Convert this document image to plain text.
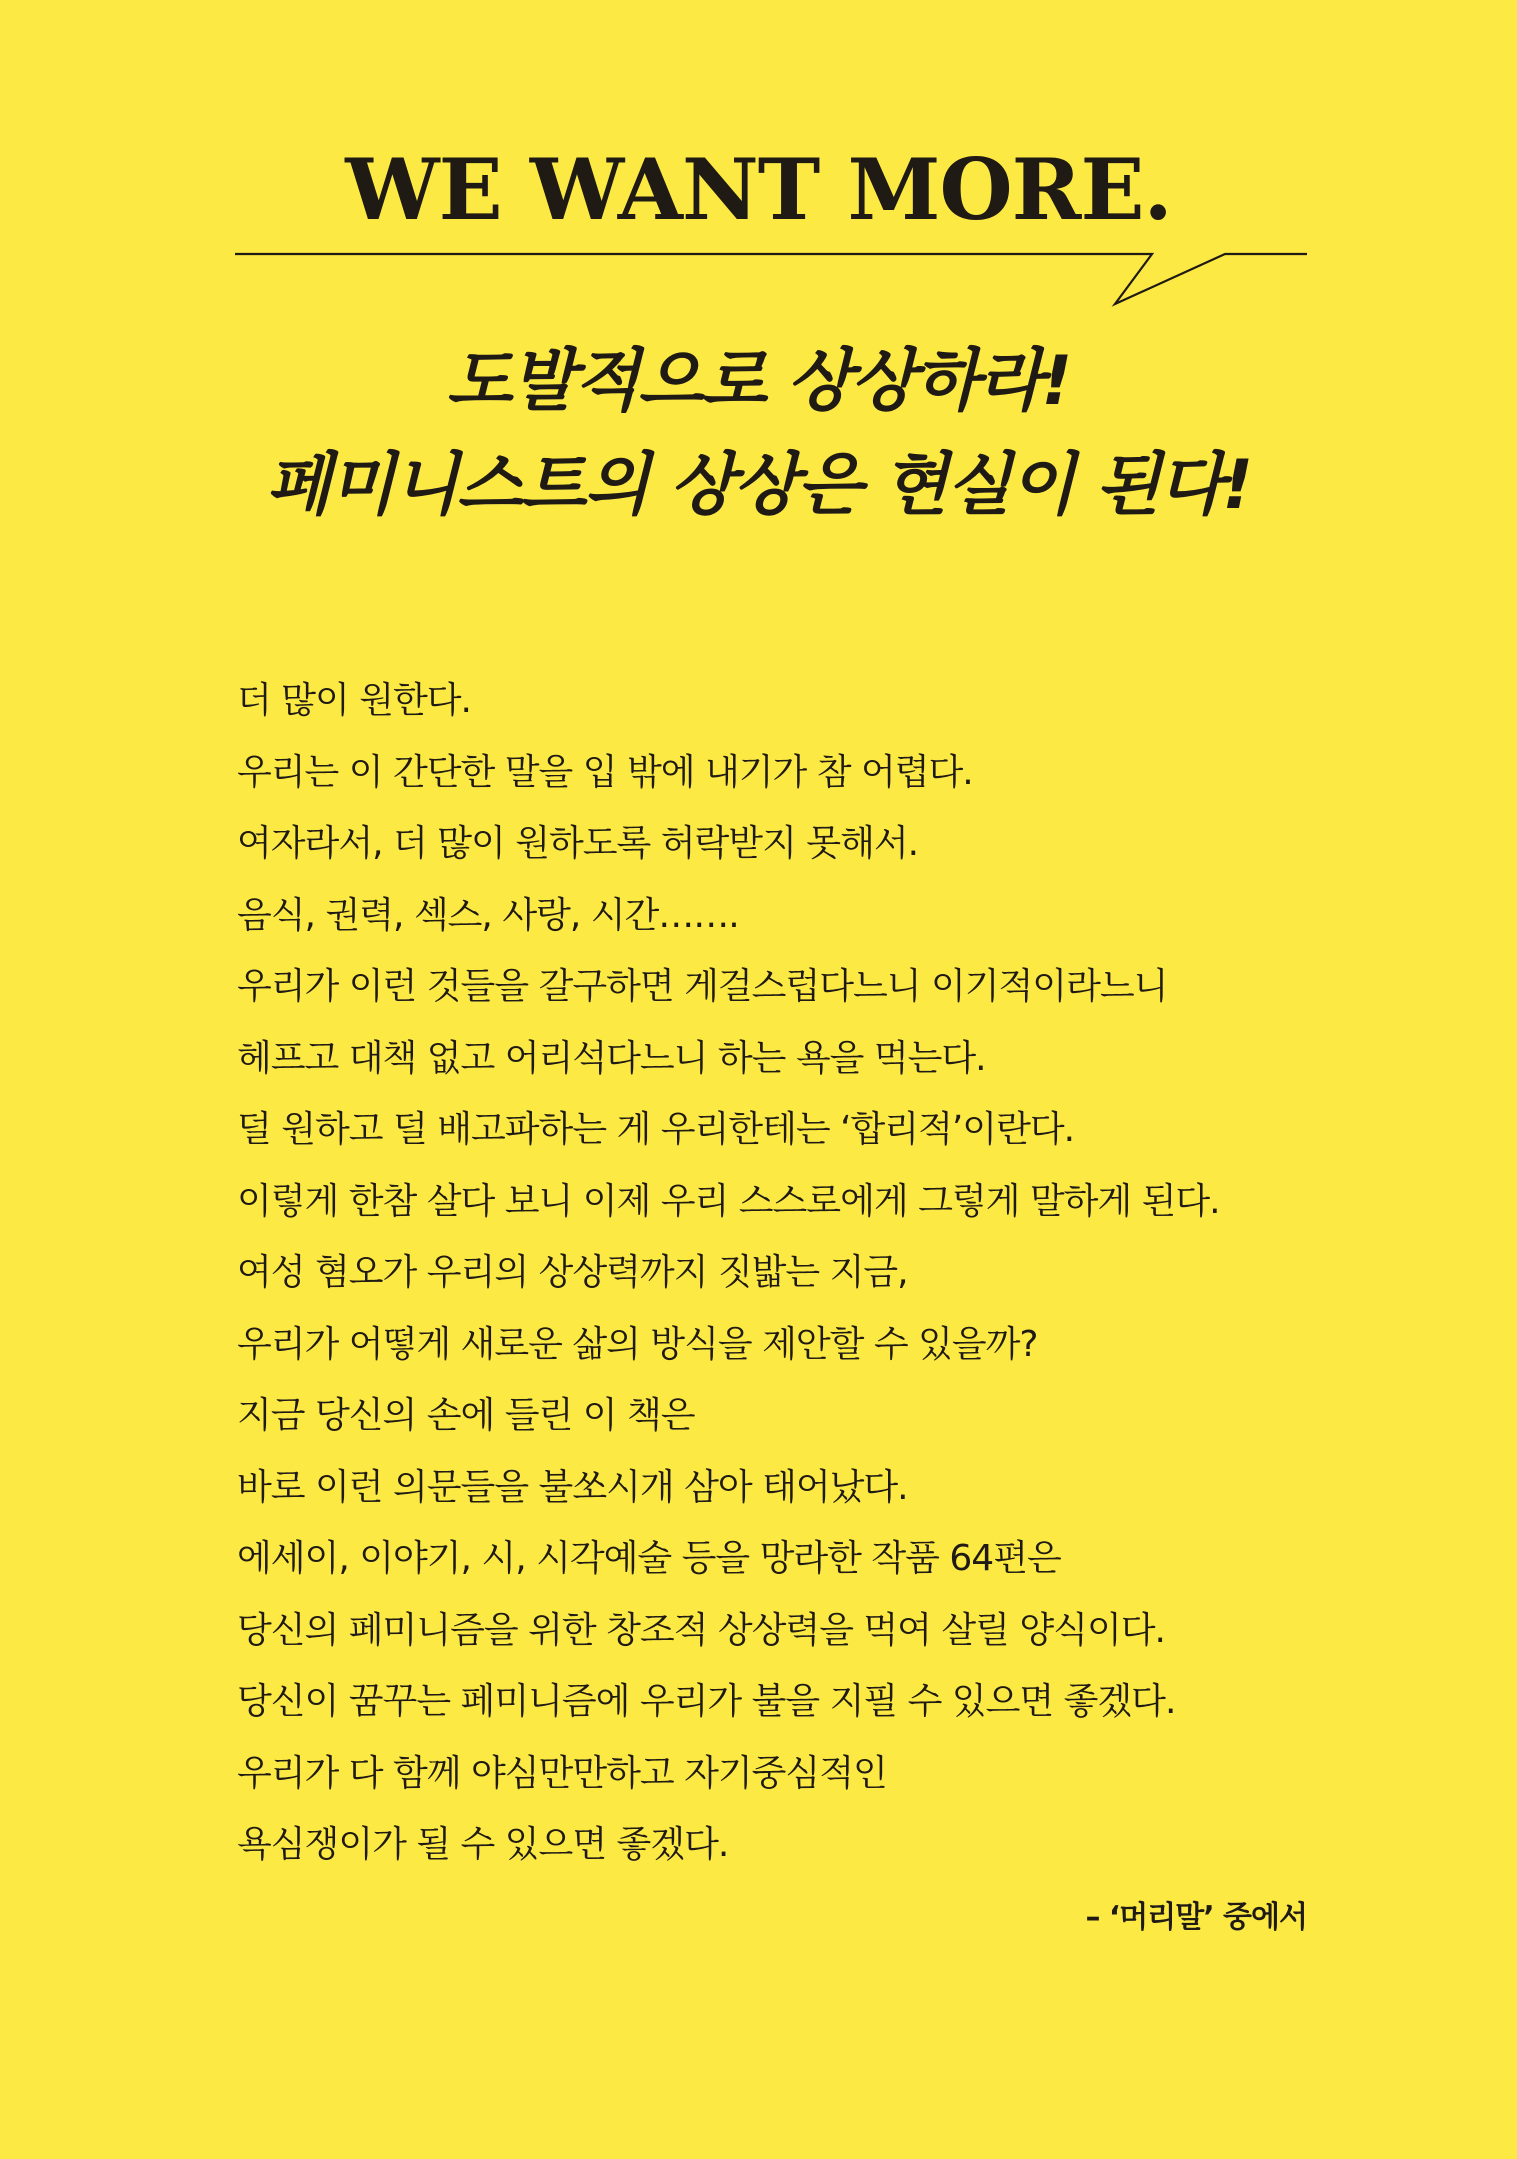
WE WANT MORE.
도발적으로 상상하라!
페미니스트의 상상은 현실이 된다!
더 많이 원한다.
우리는 이 간단한 말을 입 밖에 내기가 참 어렵다.
여자라서, 더 많이 원하도록 허락받지 못해서.
음식, 권력, 섹스, 사랑, 시간…….
우리가 이런 것들을 갈구하면 게걸스럽다느니 이기적이라느니
헤프고 대책 없고 어리석다느니 하는 욕을 먹는다.
덜 원하고 덜 배고파하는 게 우리한테는 ‘합리적’이란다.
이렇게 한참 살다 보니 이제 우리 스스로에게 그렇게 말하게 된다.
여성 혐오가 우리의 상상력까지 짓밟는 지금,
우리가 어떻게 새로운 삶의 방식을 제안할 수 있을까?
지금 당신의 손에 들린 이 책은
바로 이런 의문들을 불쏘시개 삼아 태어났다.
에세이, 이야기, 시, 시각예술 등을 망라한 작품 64편은
당신의 페미니즘을 위한 창조적 상상력을 먹여 살릴 양식이다.
당신이 꿈꾸는 페미니즘에 우리가 불을 지필 수 있으면 좋겠다.
우리가 다 함께 야심만만하고 자기중심적인
욕심쟁이가 될 수 있으면 좋겠다.
– ‘머리말’ 중에서
